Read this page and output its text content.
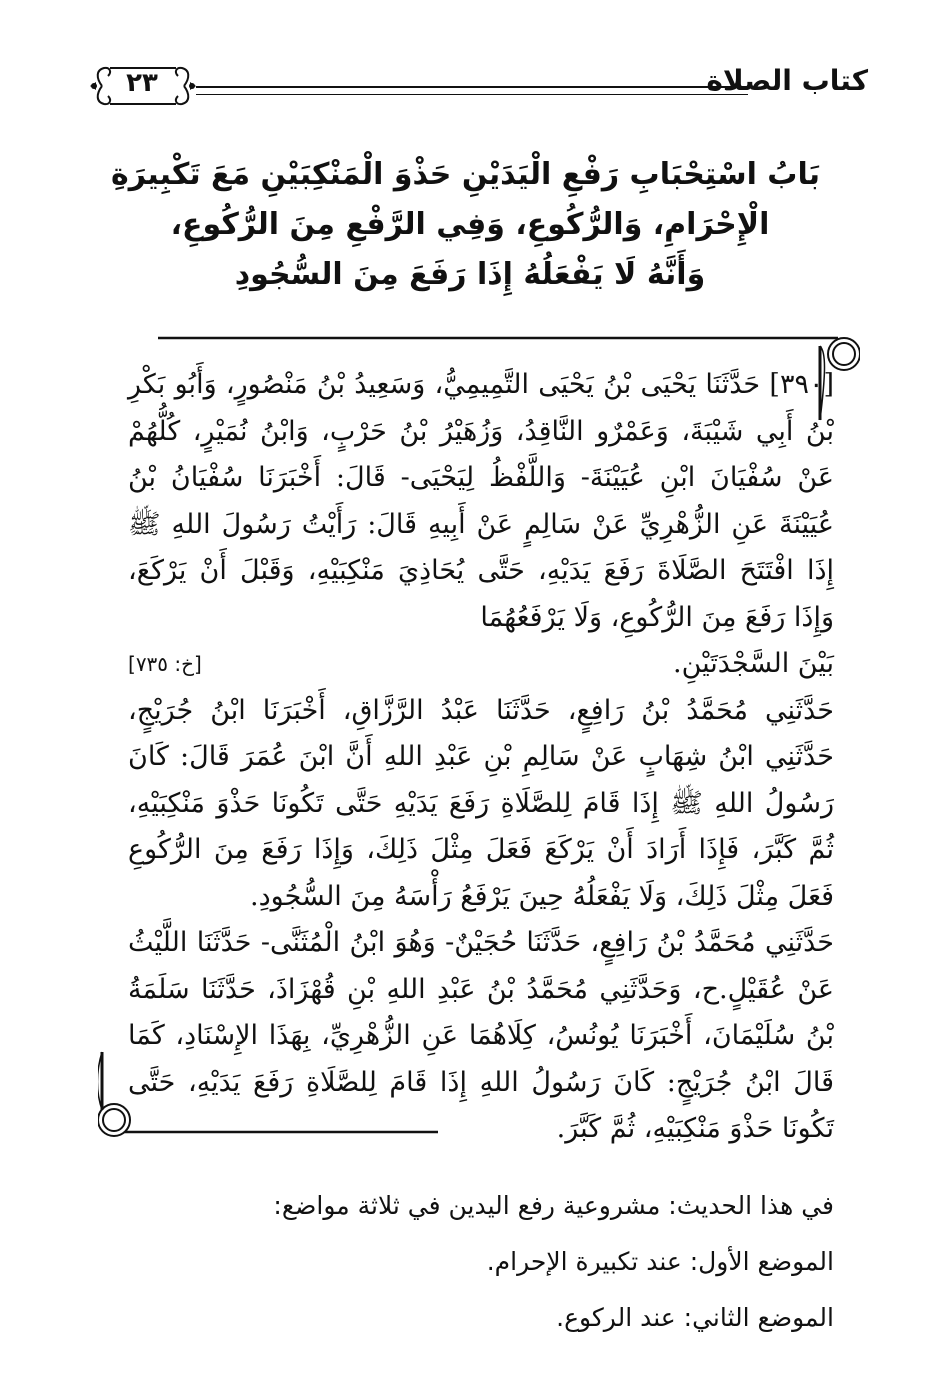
٢٣	كتاب الصلاة
بَابُ اسْتِحْبَابِ رَفْعِ الْيَدَيْنِ حَذْوَ الْمَنْكِبَيْنِ مَعَ تَكْبِيرَةِ
الْإِحْرَامِ، وَالرُّكُوعِ، وَفِي الرَّفْعِ مِنَ الرُّكُوعِ،
وَأَنَّهُ لَا يَفْعَلُهُ إِذَا رَفَعَ مِنَ السُّجُودِ

[٣٩٠] حَدَّثَنَا يَحْيَى بْنُ يَحْيَى التَّمِيمِيُّ، وَسَعِيدُ بْنُ مَنْصُورٍ، وَأَبُو بَكْرِ بْنُ أَبِي شَيْبَةَ، وَعَمْرٌو النَّاقِدُ، وَزُهَيْرُ بْنُ حَرْبٍ، وَابْنُ نُمَيْرٍ، كُلُّهُمْ عَنْ سُفْيَانَ ابْنِ عُيَيْنَةَ- وَاللَّفْظُ لِيَحْيَى- قَالَ: أَخْبَرَنَا سُفْيَانُ بْنُ عُيَيْنَةَ عَنِ الزُّهْرِيِّ عَنْ سَالِمٍ عَنْ أَبِيهِ قَالَ: رَأَيْتُ رَسُولَ اللهِ ﷺ إِذَا افْتَتَحَ الصَّلَاةَ رَفَعَ يَدَيْهِ، حَتَّى يُحَاذِيَ مَنْكِبَيْهِ، وَقَبْلَ أَنْ يَرْكَعَ، وَإِذَا رَفَعَ مِنَ الرُّكُوعِ، وَلَا يَرْفَعُهُمَا

بَيْنَ السَّجْدَتَيْنِ.
[خ: ٧٣٥]

حَدَّثَنِي مُحَمَّدُ بْنُ رَافِعٍ، حَدَّثَنَا عَبْدُ الرَّزَّاقِ، أَخْبَرَنَا ابْنُ جُرَيْجٍ، حَدَّثَنِي ابْنُ شِهَابٍ عَنْ سَالِمِ بْنِ عَبْدِ اللهِ أَنَّ ابْنَ عُمَرَ قَالَ: كَانَ رَسُولُ اللهِ ﷺ إِذَا قَامَ لِلصَّلَاةِ رَفَعَ يَدَيْهِ حَتَّى تَكُونَا حَذْوَ مَنْكِبَيْهِ، ثُمَّ كَبَّرَ، فَإِذَا أَرَادَ أَنْ يَرْكَعَ فَعَلَ مِثْلَ ذَلِكَ، وَإِذَا رَفَعَ مِنَ الرُّكُوعِ فَعَلَ مِثْلَ ذَلِكَ، وَلَا يَفْعَلُهُ حِينَ يَرْفَعُ رَأْسَهُ مِنَ السُّجُودِ.

حَدَّثَنِي مُحَمَّدُ بْنُ رَافِعٍ، حَدَّثَنَا حُجَيْنٌ- وَهُوَ ابْنُ الْمُثَنَّى- حَدَّثَنَا اللَّيْثُ عَنْ عُقَيْلٍ.ح، وَحَدَّثَنِي مُحَمَّدُ بْنُ عَبْدِ اللهِ بْنِ قُهْزَاذَ، حَدَّثَنَا سَلَمَةُ بْنُ سُلَيْمَانَ، أَخْبَرَنَا يُونُسُ، كِلَاهُمَا عَنِ الزُّهْرِيِّ، بِهَذَا الإِسْنَادِ، كَمَا قَالَ ابْنُ جُرَيْجٍ: كَانَ رَسُولُ اللهِ إِذَا قَامَ لِلصَّلَاةِ رَفَعَ يَدَيْهِ، حَتَّى تَكُونَا حَذْوَ مَنْكِبَيْهِ، ثُمَّ كَبَّرَ.

في هذا الحديث: مشروعية رفع اليدين في ثلاثة مواضع:
الموضع الأول: عند تكبيرة الإحرام.
الموضع الثاني: عند الركوع.
